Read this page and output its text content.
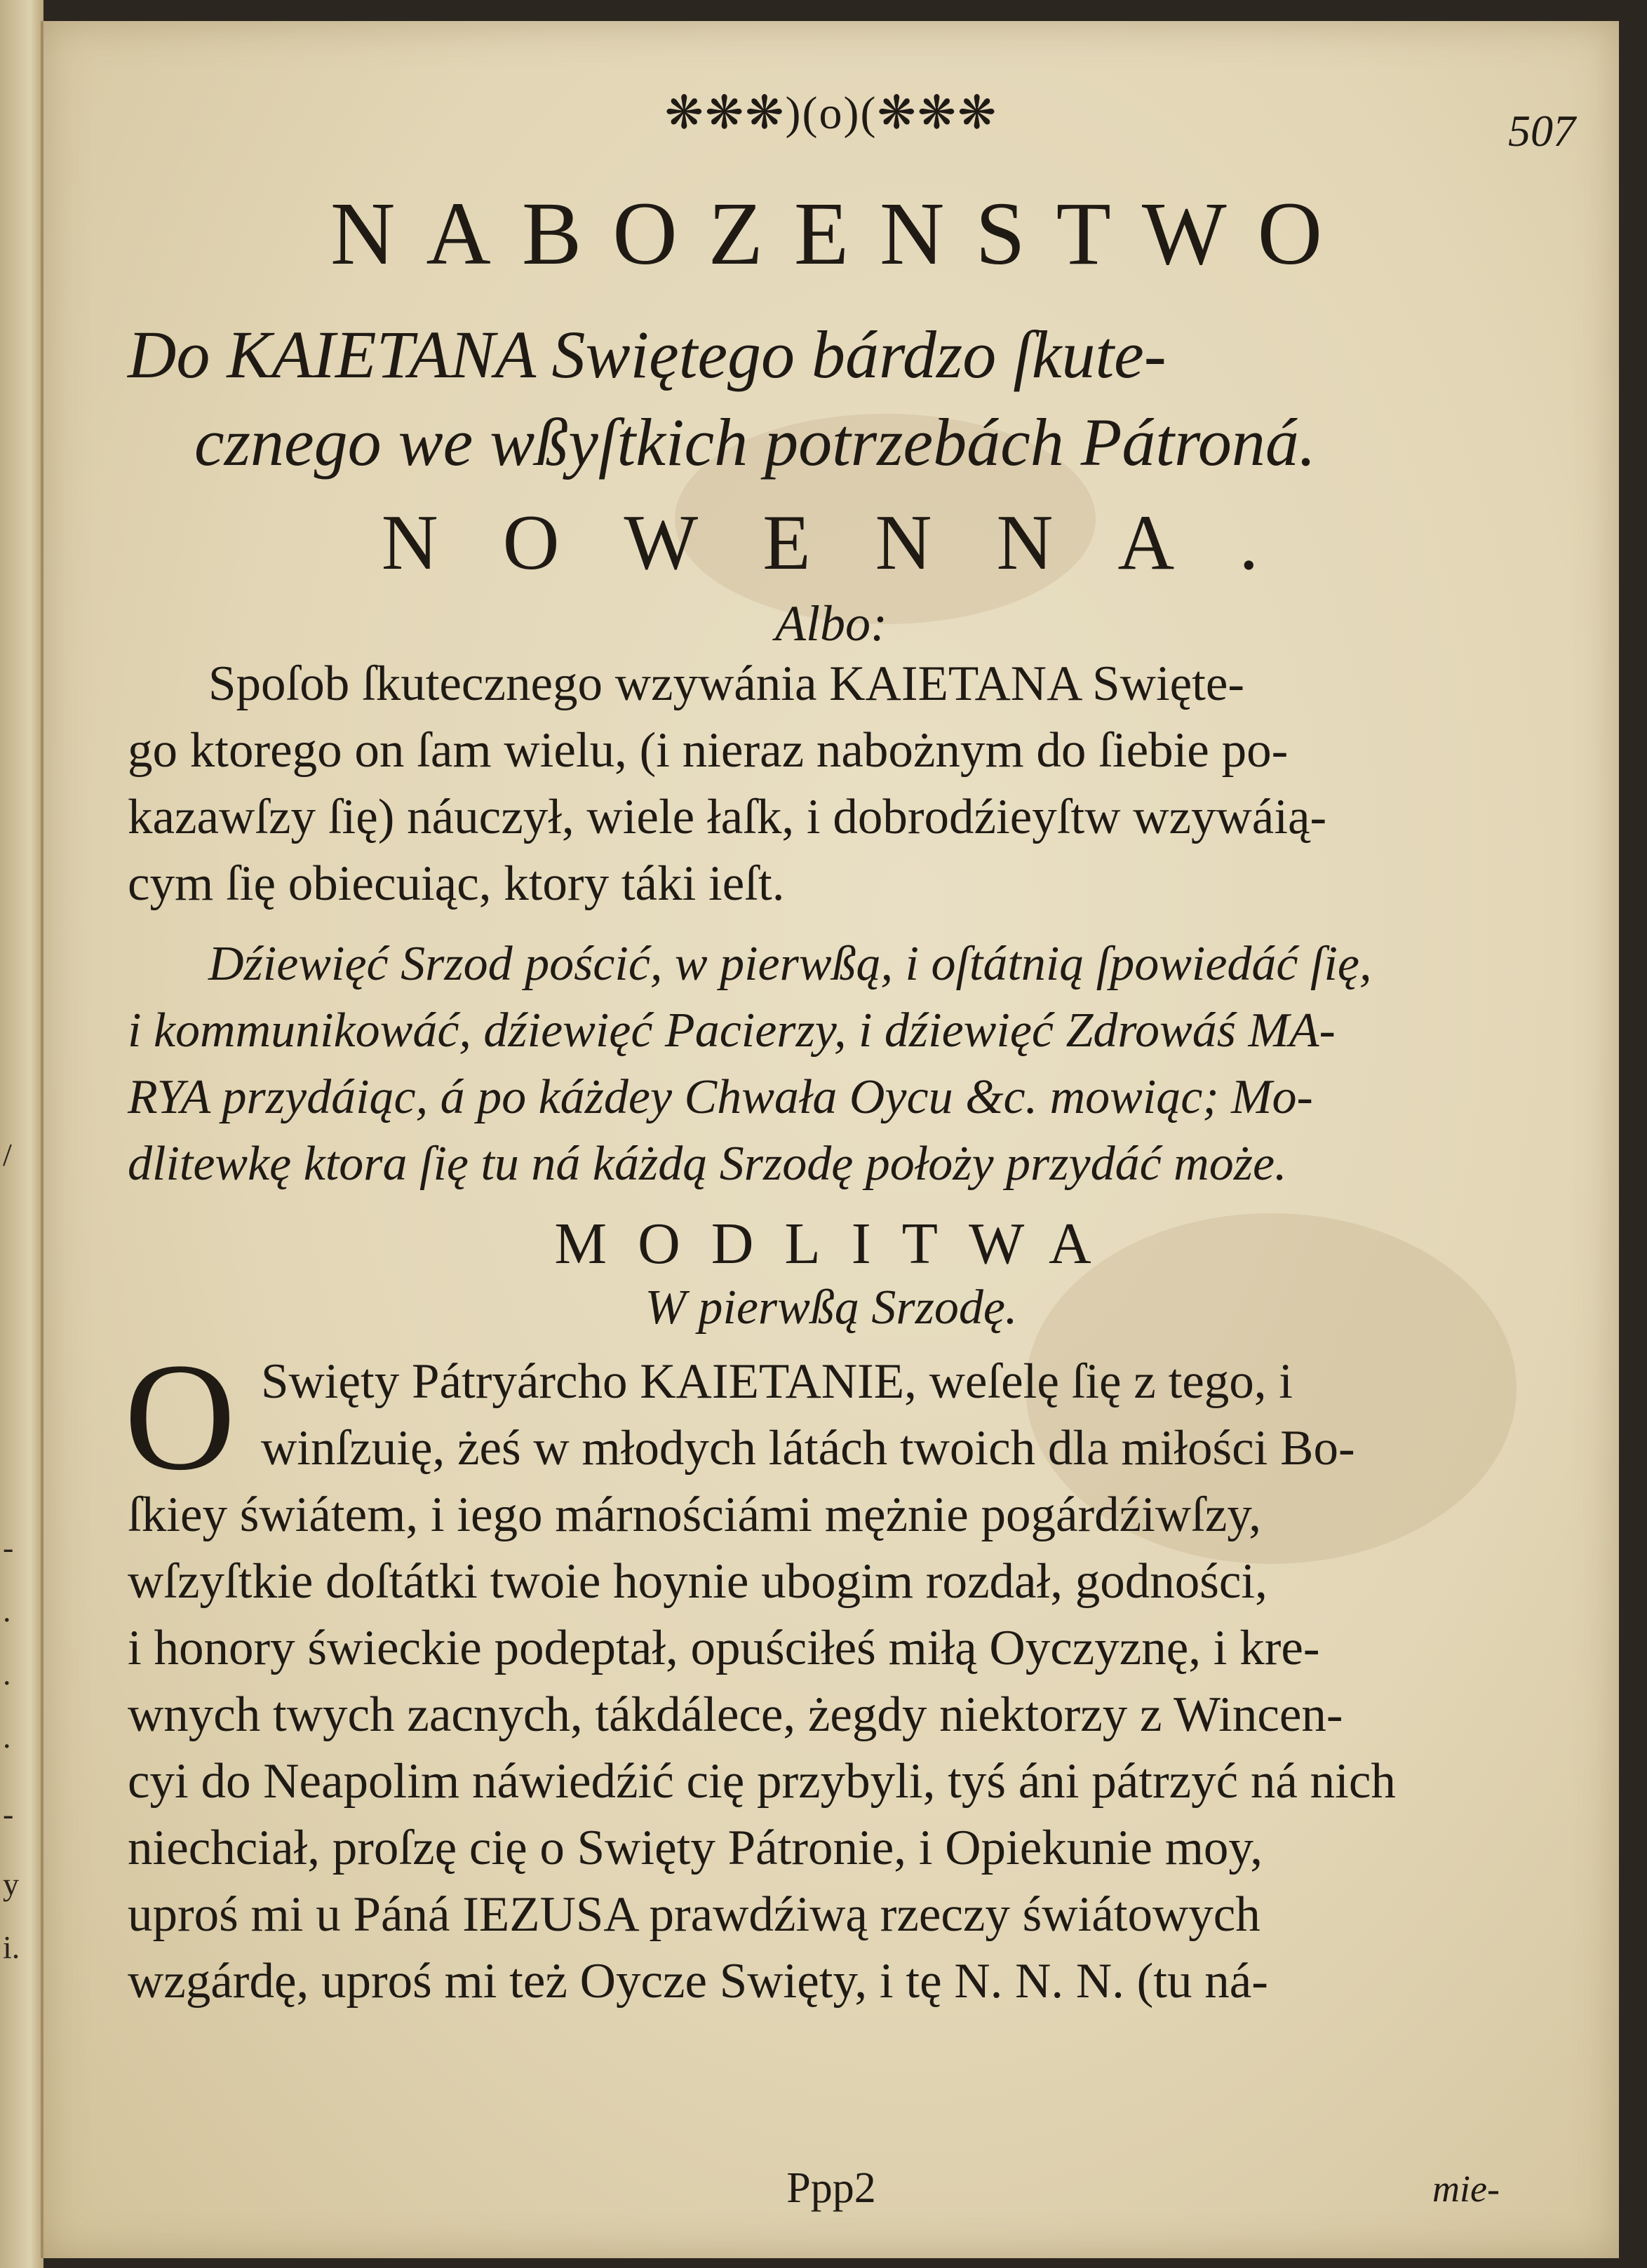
/
-
.
.
.
-
y
i.
❋❋❋)(o)(❋❋❋	507
NABOZENSTWO
Do KAIETANA Swiętego bárdzo ſkute-
cznego we wßyſtkich potrzebách Pátroná.
NOWENNA.
Albo:
Spoſob ſkutecznego wzywánia KAIETANA Swięte-
go ktorego on ſam wielu, (i nieraz nabożnym do ſiebie po-
kazawſzy ſię) náuczył, wiele łaſk, i dobrodźieyſtw wzywáią-
cym ſię obiecuiąc, ktory táki ieſt.
Dźiewięć Srzod pościć, w pierwßą, i oſtátnią ſpowiedáć ſię,
i kommunikowáć, dźiewięć Pacierzy, i dźiewięć Zdrowáś MA-
RYA przydáiąc, á po káżdey Chwała Oycu &c. mowiąc; Mo-
dlitewkę ktora ſię tu ná káżdą Srzodę położy przydáć może.
MODLITWA
W pierwßą Srzodę.
O Swięty Pátryárcho KAIETANIE, weſelę ſię z tego, i
winſzuię, żeś w młodych látách twoich dla miłości Bo-
ſkiey świátem, i iego márnościámi mężnie pogárdźiwſzy,
wſzyſtkie doſtátki twoie hoynie ubogim rozdał, godności,
i honory świeckie podeptał, opuściłeś miłą Oyczyznę, i kre-
wnych twych zacnych, tákdálece, żegdy niektorzy z Wincen-
cyi do Neapolim náwiedźić cię przybyli, tyś áni pátrzyć ná nich
niechciał, proſzę cię o Swięty Pátronie, i Opiekunie moy,
uproś mi u Páná IEZUSA prawdźiwą rzeczy świátowych
wzgárdę, uproś mi też Oycze Swięty, i tę N. N. N. (tu ná-
Ppp2	mie-
